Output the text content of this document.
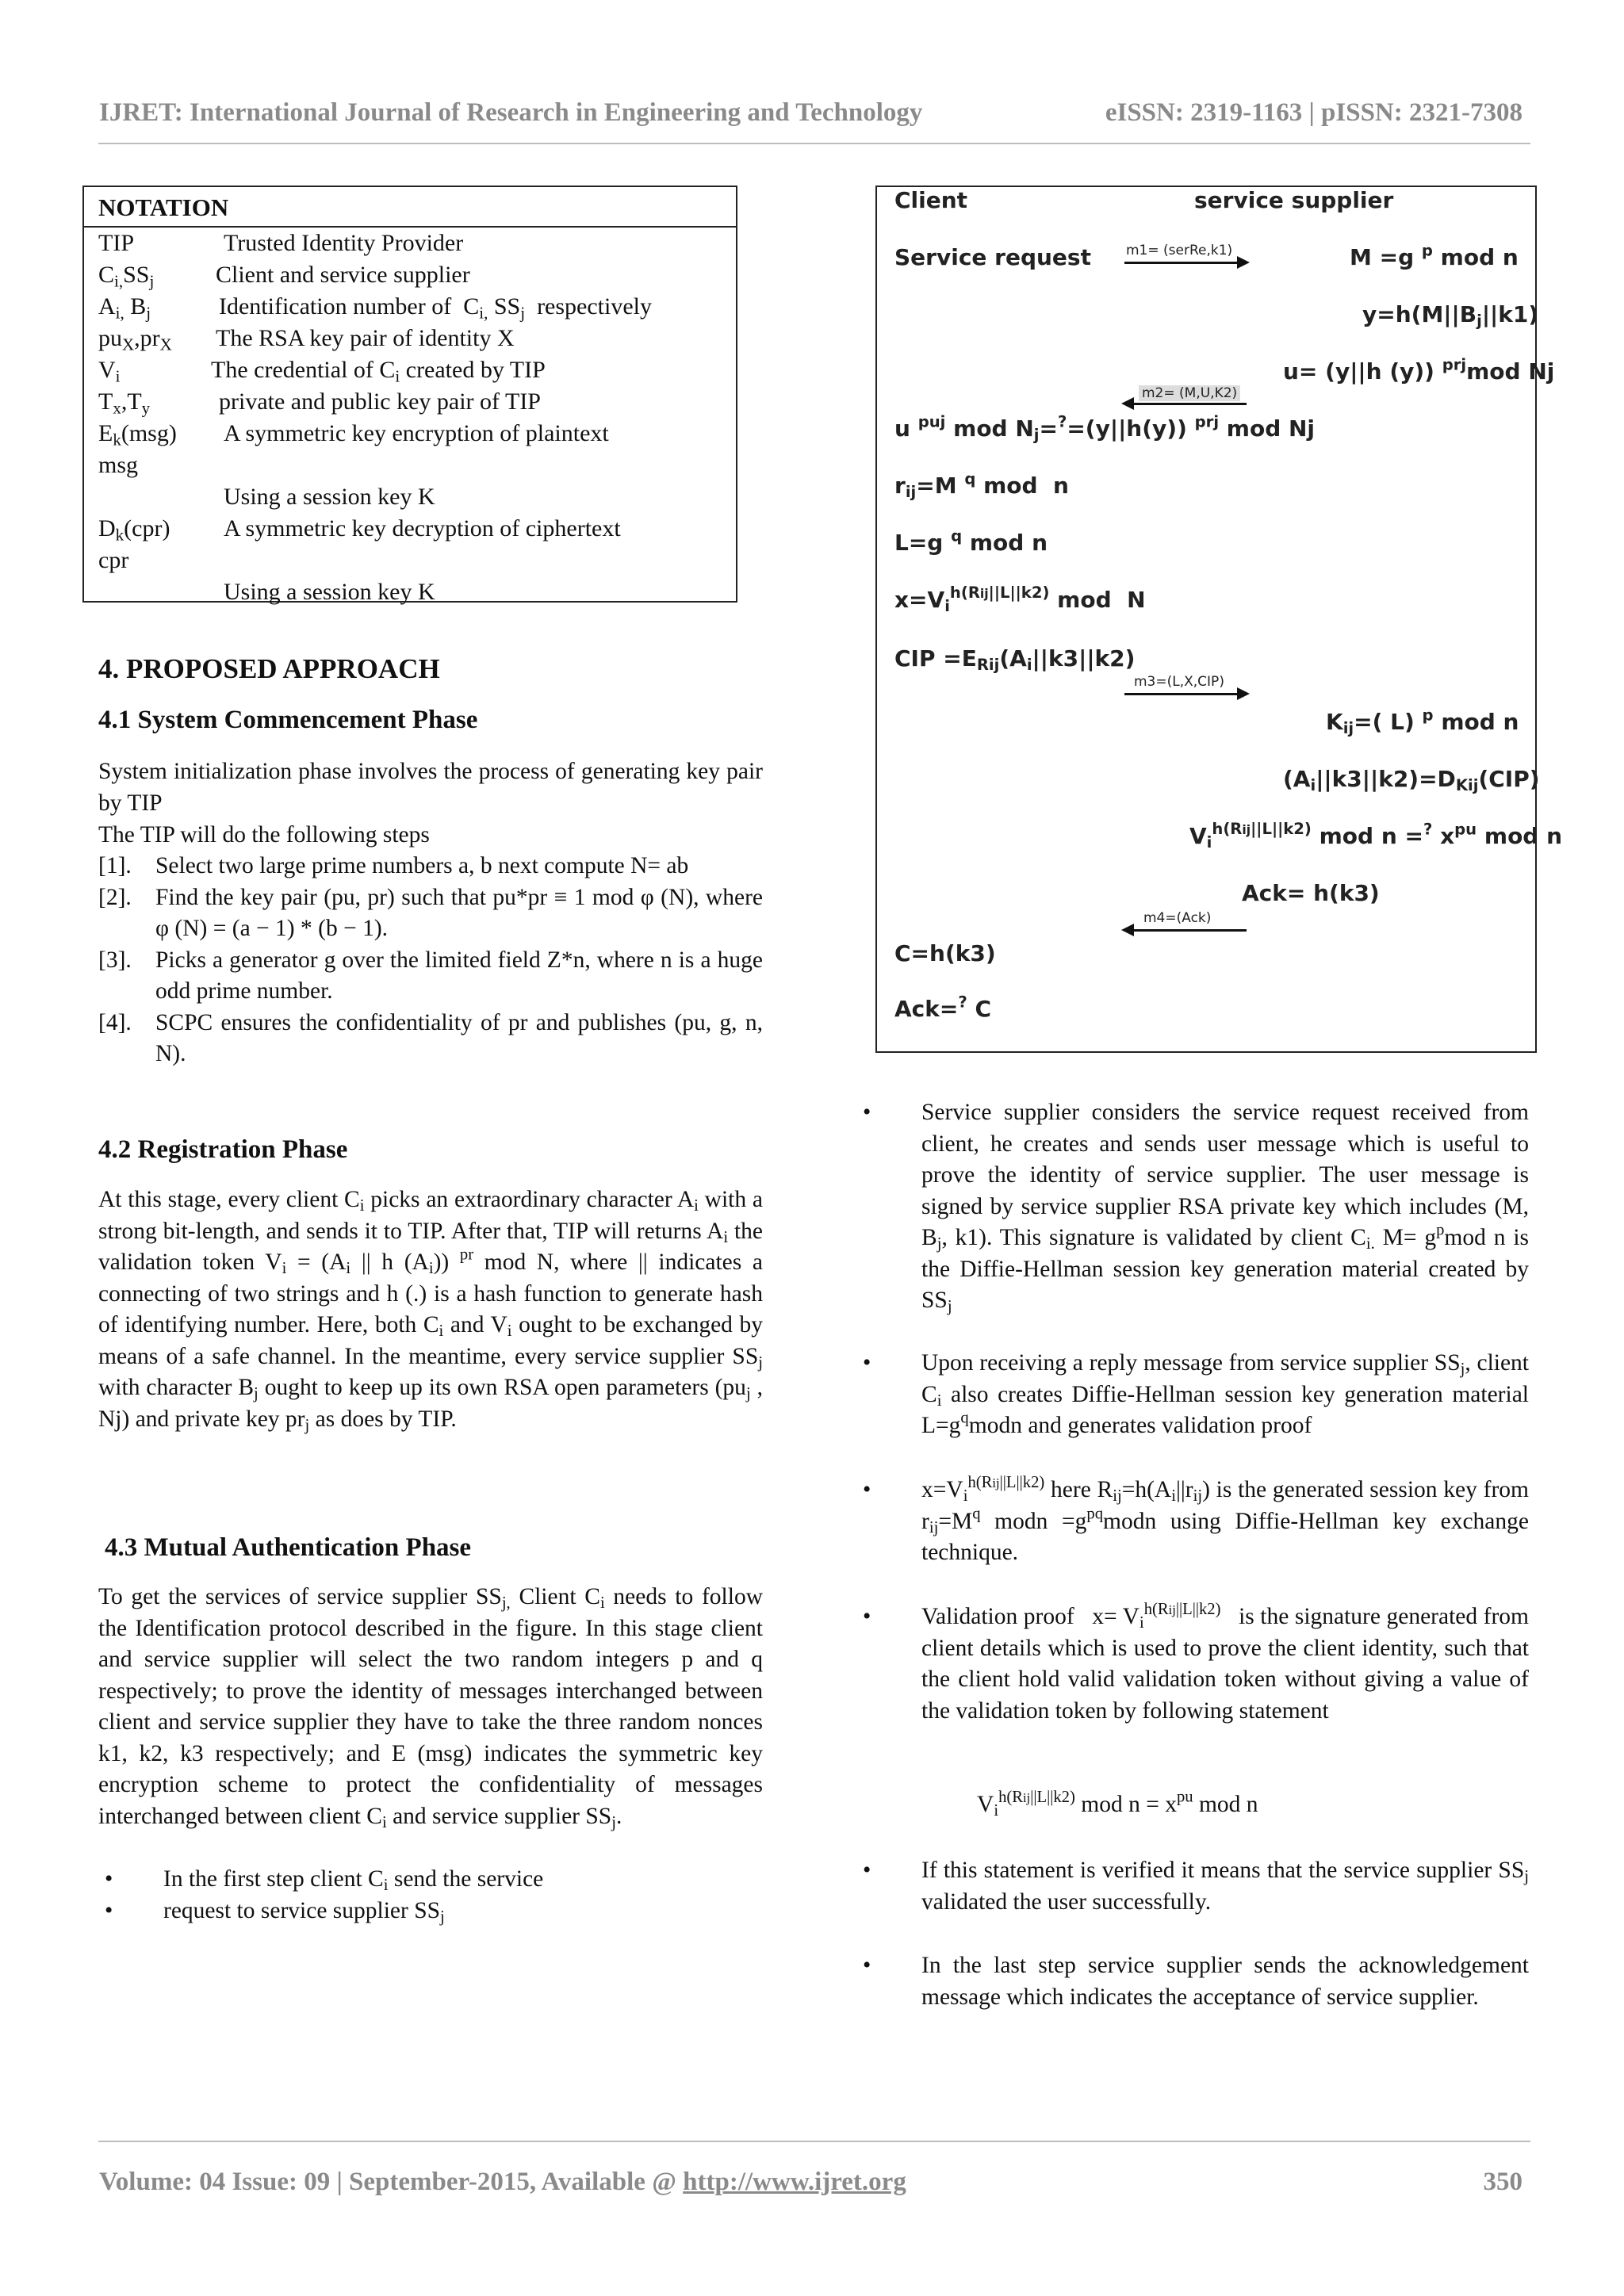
IJRET: International Journal of Research in Engineering and Technology	eISSN: 2319-1163 | pISSN: 2321-7308
NOTATION
TIP	Trusted Identity Provider
$C_{i,}SS_j$	Client and service supplier
$A_{i,}$ $B_j$	Identification number of  $C_{i,}$ $SS_j$  respectively
$pu_X,pr_X$ The RSA key pair of identity X
$V_i$	The credential of $C_i$ created by TIP
$T_x,T_y$	private and public key pair of TIP
$E_k(msg)$ A symmetric key encryption of plaintext
msg
Using a session key K
$D_k(cpr)$ A symmetric key decryption of ciphertext
cpr
Using a session key K
4. PROPOSED APPROACH
4.1 System Commencement Phase

System initialization phase involves the process of generating key pair by TIP

The TIP will do the following steps

[1]. Select two large prime numbers a, b next compute N= ab
[2]. Find the key pair (pu, pr) such that pu*pr ≡ 1 mod φ (N), where φ (N) = (a − 1) * (b − 1).
[3]. Picks a generator g over the limited field Z*n, where n is a huge odd prime number.
[4]. SCPC ensures the confidentiality of pr and publishes (pu, g, n, N).
4.2 Registration Phase

At this stage, every client $C_i$ picks an extraordinary character $A_i$ with a strong bit-length, and sends it to TIP. After that, TIP will returns $A_i$ the validation token $V_i = (A_i$ || h $(A_i)$) $^{pr}$ mod N, where || indicates a connecting of two strings and h (.) is a hash function to generate hash of identifying number. Here, both $C_i$ and $V_i$ ought to be exchanged by means of a safe channel. In the meantime, every service supplier $SS_j$ with character $B_j$ ought to keep up its own RSA open parameters ($pu_j$ , Nj) and private key $pr_j$ as does by TIP.

4.3 Mutual Authentication Phase

To get the services of service supplier $SS_{j,}$ Client $C_i$ needs to follow the Identification protocol described in the figure. In this stage client and service supplier will select the two random integers p and q respectively; to prove the identity of messages interchanged between client and service supplier they have to take the three random nonces k1, k2, k3 respectively; and E (msg) indicates the symmetric key encryption scheme to protect the confidentiality of messages interchanged between client $C_i$ and service supplier $SS_j$.

• In the first step client $C_i$ send the service
• request to service supplier $SS_j$
Client	service supplier
Service request	m1= (serRe,k1)	M =g $^p$ mod n
$y=h(M||B_j||k1)$
u= (y||h (y)) $^{prj}$mod Nj
m2= (M,U,K2)
u $^{puj}$ mod $N_j=^?=(y||h(y))$ $^{prj}$ mod Nj
$r_{ij}=M$ $^q$ mod  n
L=g $^q$ mod n
$x=V_i^{h(Rij||L||k2)}$ mod  N
CIP $=E_{Rij}(A_i||k3||k2)$
m3=(L,X,CIP)
$K_{ij}=$( L) $^p$ mod n
$(A_i||k3||k2)=D_{Kij}(CIP)$
$V_i^{h(Rij||L||k2)}$ mod n =? $x^{pu}$ mod n
Ack= h(k3)
m4=(Ack)
C=h(k3)
Ack=? C
• Service supplier considers the service request received from client, he creates and sends user message which is useful to prove the identity of service supplier. The user message is signed by service supplier RSA private key which includes (M, $B_j$, k1). This signature is validated by client $C_{i.}$ $M= g^pmod$ n is the Diffie-Hellman session key generation material created by $SS_j$
• Upon receiving a reply message from service supplier $SS_j$, client $C_i$ also creates Diffie-Hellman session key generation material $L=g^qmodn$ and generates validation proof
• $x=V_i^{h(Rij||L||k2)}$ here $R_{ij}=h(A_i||r_{ij})$ is the generated session key from $r_{ij}=M^q$ modn $=g^{pq}modn$ using Diffie-Hellman key exchange technique.
• Validation proof   $x= V_i^{h(Rij||L||k2)}$   is the signature generated from client details which is used to prove the client identity, such that the client hold valid validation token without giving a value of the validation token by following statement
$V_i^{h(Rij||L||k2)}$ mod $n = x^{pu}$ mod n
• If this statement is verified it means that the service supplier $SS_j$ validated the user successfully.
• In the last step service supplier sends the acknowledgement message which indicates the acceptance of service supplier.
Volume: 04 Issue: 09 | September-2015, Available @ http://www.ijret.org	350
